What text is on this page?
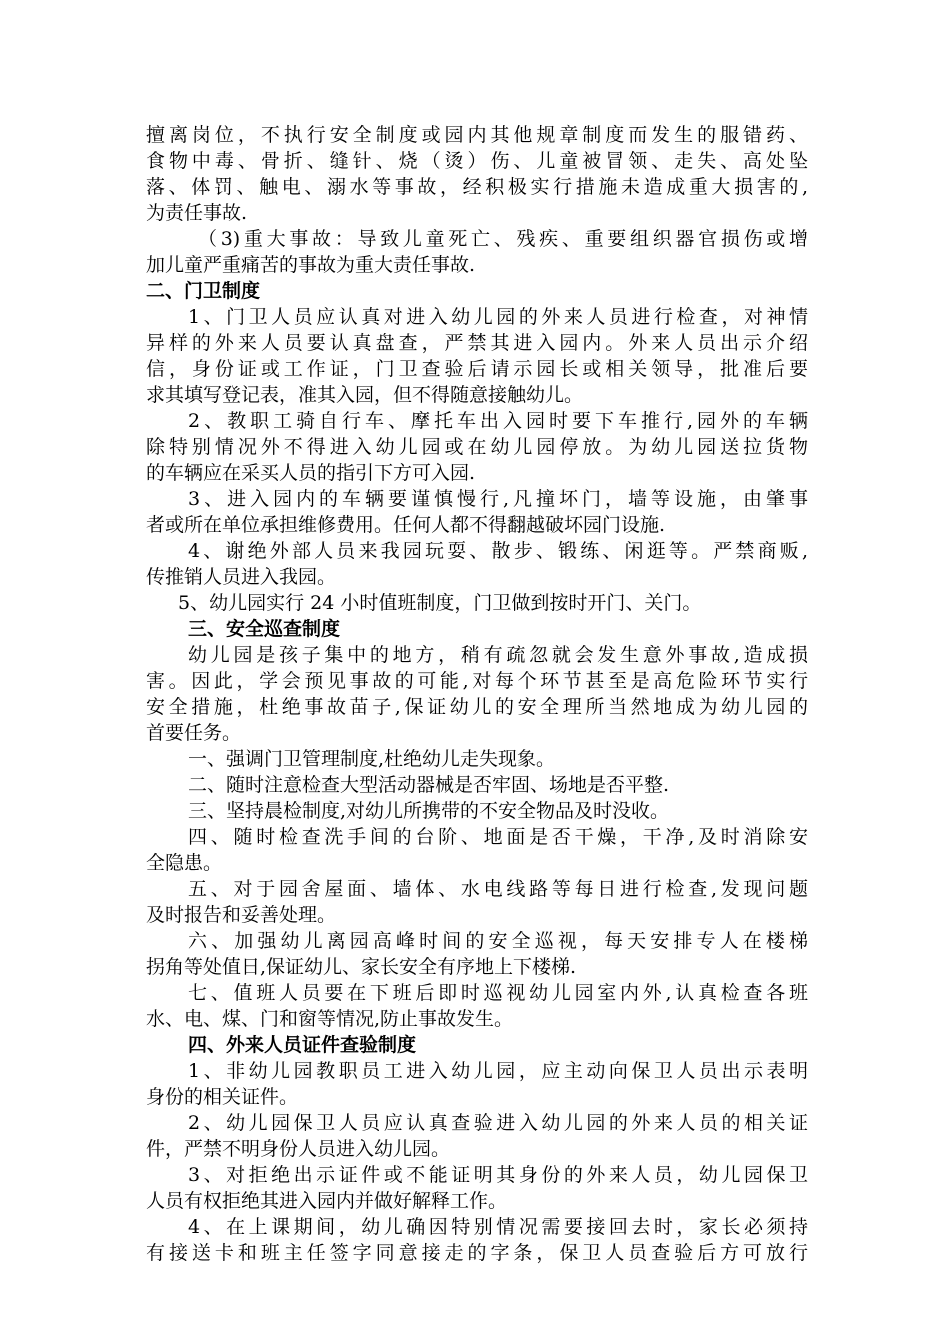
擅离岗位，不执行安全制度或园内其他规章制度而发生的服错药、
食物中毒、骨折、缝针、烧（烫）伤、儿童被冒领、走失、高处坠
落、体罚、触电、溺水等事故，经积极实行措施未造成重大损害的,
为责任事故.
（3)重大事故：导致儿童死亡、残疾、重要组织器官损伤或增
加儿童严重痛苦的事故为重大责任事故.
二、门卫制度
1、门卫人员应认真对进入幼儿园的外来人员进行检查，对神情
异样的外来人员要认真盘查，严禁其进入园内。外来人员出示介绍
信，身份证或工作证，门卫查验后请示园长或相关领导，批准后要
求其填写登记表，准其入园，但不得随意接触幼儿。
2、教职工骑自行车、摩托车出入园时要下车推行,园外的车辆
除特别情况外不得进入幼儿园或在幼儿园停放。为幼儿园送拉货物
的车辆应在采买人员的指引下方可入园.
3、进入园内的车辆要谨慎慢行,凡撞坏门，墙等设施，由肇事
者或所在单位承担维修费用。任何人都不得翻越破坏园门设施.
4、谢绝外部人员来我园玩耍、散步、锻练、闲逛等。严禁商贩,
传推销人员进入我园。
5、幼儿园实行 24 小时值班制度，门卫做到按时开门、关门。
三、安全巡查制度
幼儿园是孩子集中的地方，稍有疏忽就会发生意外事故,造成损
害。因此，学会预见事故的可能,对每个环节甚至是高危险环节实行
安全措施，杜绝事故苗子,保证幼儿的安全理所当然地成为幼儿园的
首要任务。
一、强调门卫管理制度,杜绝幼儿走失现象。
二、随时注意检查大型活动器械是否牢固、场地是否平整.
三、坚持晨检制度,对幼儿所携带的不安全物品及时没收。
四、随时检查洗手间的台阶、地面是否干燥，干净,及时消除安
全隐患。
五、对于园舍屋面、墙体、水电线路等每日进行检查,发现问题
及时报告和妥善处理。
六、加强幼儿离园高峰时间的安全巡视，每天安排专人在楼梯
拐角等处值日,保证幼儿、家长安全有序地上下楼梯.
七、值班人员要在下班后即时巡视幼儿园室内外,认真检查各班
水、电、煤、门和窗等情况,防止事故发生。
四、外来人员证件查验制度
1、非幼儿园教职员工进入幼儿园，应主动向保卫人员出示表明
身份的相关证件。
2、幼儿园保卫人员应认真查验进入幼儿园的外来人员的相关证
件，严禁不明身份人员进入幼儿园。
3、对拒绝出示证件或不能证明其身份的外来人员，幼儿园保卫
人员有权拒绝其进入园内并做好解释工作。
4、在上课期间，幼儿确因特别情况需要接回去时，家长必须持
有接送卡和班主任签字同意接走的字条，保卫人员查验后方可放行
